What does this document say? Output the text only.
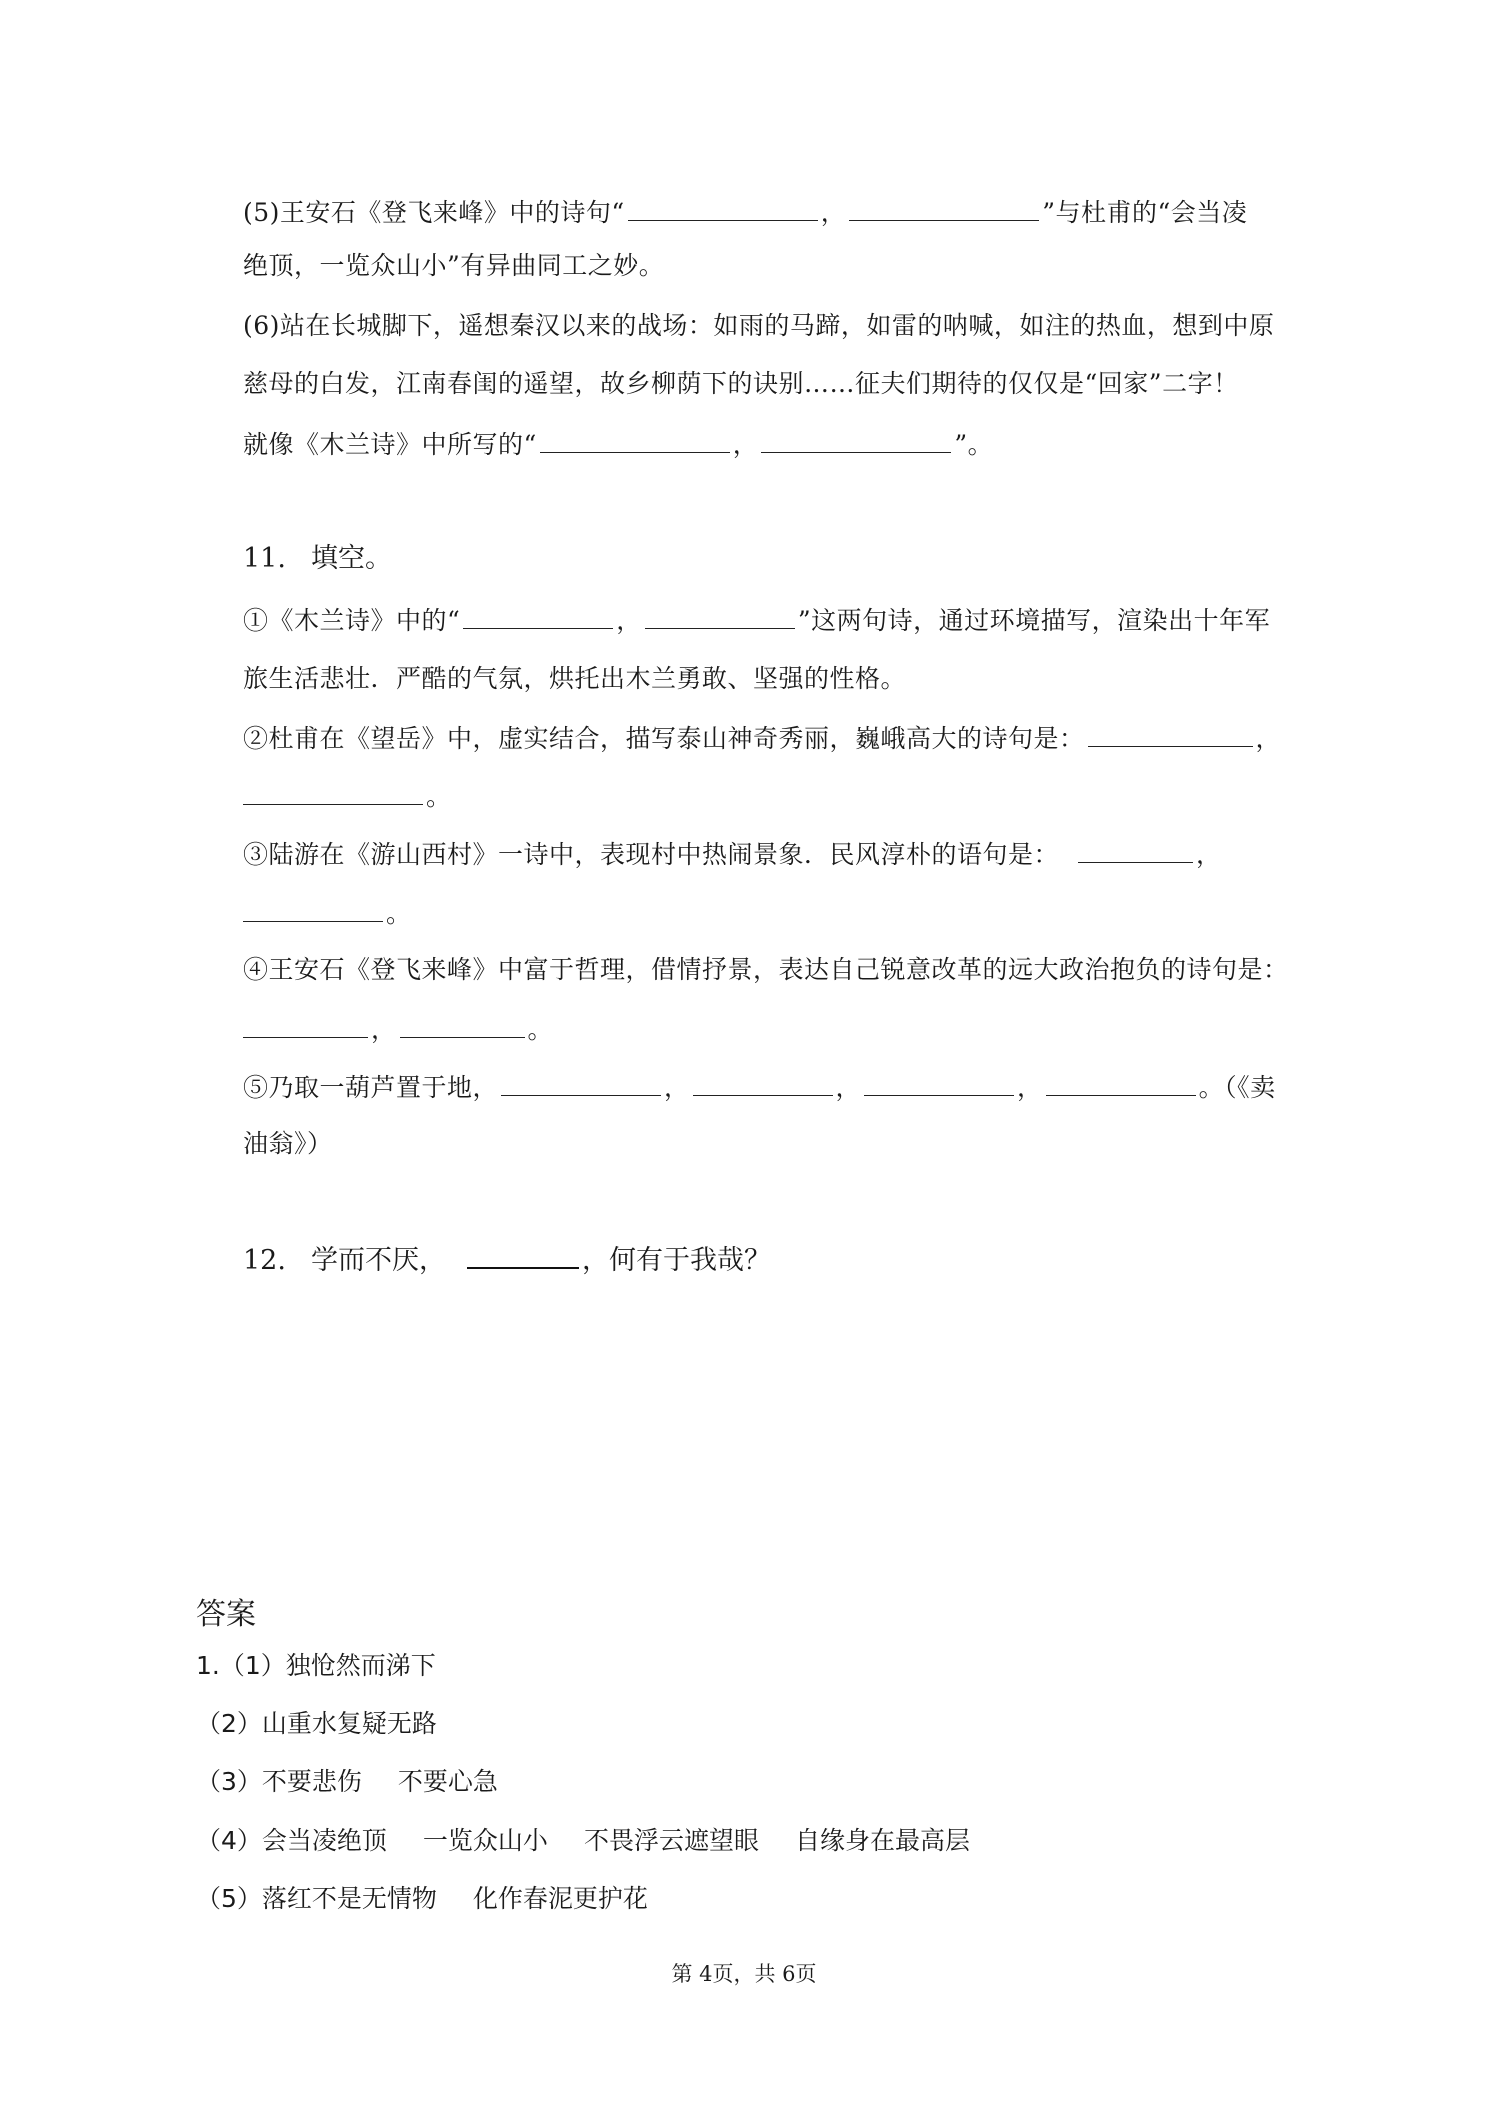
(5)王安石《登飞来峰》中的诗句“	，	”与杜甫的“会当凌
绝顶，一览众山小”有异曲同工之妙。
(6)站在长城脚下，遥想秦汉以来的战场：如雨的马蹄，如雷的呐喊，如注的热血，想到中原
慈母的白发，江南春闺的遥望，故乡柳荫下的诀别……征夫们期待的仅仅是“回家”二字！
就像《木兰诗》中所写的“	，	”。
11. 填空。
①《木兰诗》中的“	，	”这两句诗，通过环境描写，渲染出十年军
旅生活悲壮．严酷的气氛，烘托出木兰勇敢、坚强的性格。
②杜甫在《望岳》中，虚实结合，描写泰山神奇秀丽，巍峨高大的诗句是：	，
。
③陆游在《游山西村》一诗中，表现村中热闹景象．民风淳朴的语句是：	，
。
④王安石《登飞来峰》中富于哲理，借情抒景，表达自己锐意改革的远大政治抱负的诗句是：
，	。
⑤乃取一葫芦置于地，	，	，	，	。（《卖
油翁》）
12. 学而不厌，	，何有于我哉？
答案
1.（1）独怆然而涕下
（2）山重水复疑无路
（3）不要悲伤 不要心急
（4）会当凌绝顶 一览众山小 不畏浮云遮望眼 自缘身在最高层
（5）落红不是无情物 化作春泥更护花
第 4页，共 6页
